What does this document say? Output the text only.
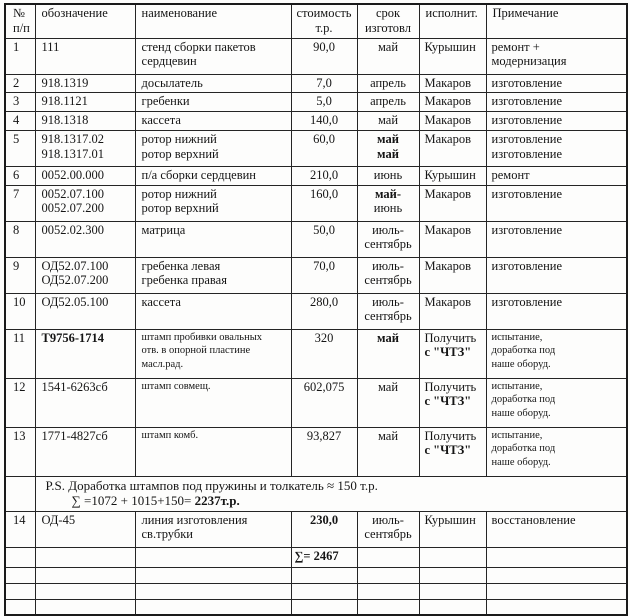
№
п/п	обозначение	наименование	стоимость
т.р.	срок
изготовл	исполнит.	Примечание
1	111	стенд сборки пакетов
сердцевин	90,0	май	Курышин	ремонт +
модернизация
2	918.1319	досылатель	7,0	апрель	Макаров	изготовление
3	918.1121	гребенки	5,0	апрель	Макаров	изготовление
4	918.1318	кассета	140,0	май	Макаров	изготовление
5	918.1317.02
918.1317.01	ротор нижний
ротор верхний	60,0	май
май	Макаров	изготовление
изготовление
6	0052.00.000	п/а сборки сердцевин	210,0	июнь	Курышин	ремонт
7	0052.07.100
0052.07.200	ротор нижний
ротор верхний	160,0	май-
июнь	Макаров	изготовление
8	0052.02.300	матрица	50,0	июль-
сентябрь	Макаров	изготовление
9	ОД52.07.100
ОД52.07.200	гребенка левая
гребенка правая	70,0	июль-
сентябрь	Макаров	изготовление
10	ОД52.05.100	кассета	280,0	июль-
сентябрь	Макаров	изготовление
11	Т9756-1714	штамп пробивки овальных
отв. в опорной пластине
масл.рад.	320	май	Получить
с "ЧТЗ"	испытание,
доработка под
наше оборуд.
12	1541-6263сб	штамп совмещ.	602,075	май	Получить
с "ЧТЗ"	испытание,
доработка под
наше оборуд.
13	1771-4827сб	штамп комб.	93,827	май	Получить
с "ЧТЗ"	испытание,
доработка под
наше оборуд.

	P.S. Доработка штампов под пружины и толкатель ≈ 150 т.р.
∑ =1072 + 1015+150= 2237т.р.					

14	ОД-45	линия изготовления
св.трубки	230,0	июль-
сентябрь	Курышин	восстановление
			∑= 2467			
